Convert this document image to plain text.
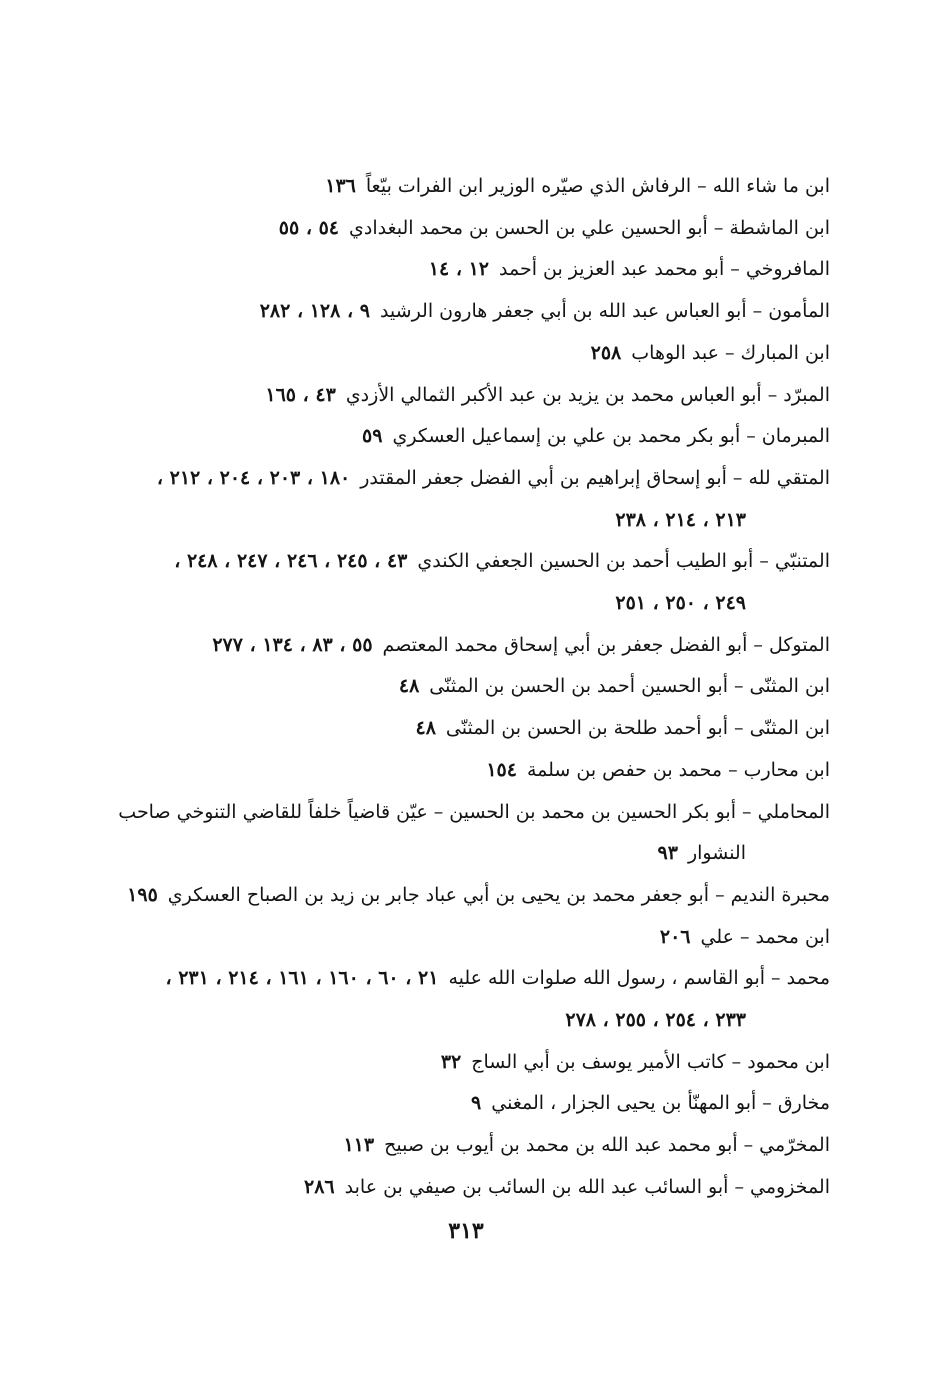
ابن ما شاء الله – الرفاش الذي صيّره الوزير ابن الفرات بيّعاً١٣٦
ابن الماشطة – أبو الحسين علي بن الحسن بن محمد البغدادي٥٤ ، ٥٥
المافروخي – أبو محمد عبد العزيز بن أحمد١٢ ، ١٤
المأمون – أبو العباس عبد الله بن أبي جعفر هارون الرشيد٩ ، ١٢٨ ، ٢٨٢
ابن المبارك – عبد الوهاب٢٥٨
المبرّد – أبو العباس محمد بن يزيد بن عبد الأكبر الثمالي الأزدي٤٣ ، ١٦٥
المبرمان – أبو بكر محمد بن علي بن إسماعيل العسكري٥٩
المتقي لله – أبو إسحاق إبراهيم بن أبي الفضل جعفر المقتدر١٨٠ ، ٢٠٣ ، ٢٠٤ ، ٢١٢ ،
٢١٣ ، ٢١٤ ، ٢٣٨
المتنبّي – أبو الطيب أحمد بن الحسين الجعفي الكندي٤٣ ، ٢٤٥ ، ٢٤٦ ، ٢٤٧ ، ٢٤٨ ،
٢٤٩ ، ٢٥٠ ، ٢٥١
المتوكل – أبو الفضل جعفر بن أبي إسحاق محمد المعتصم٥٥ ، ٨٣ ، ١٣٤ ، ٢٧٧
ابن المثنّى – أبو الحسين أحمد بن الحسن بن المثنّى٤٨
ابن المثنّى – أبو أحمد طلحة بن الحسن بن المثنّى٤٨
ابن محارب – محمد بن حفص بن سلمة١٥٤
المحاملي – أبو بكر الحسين بن محمد بن الحسين – عيّن قاضياً خلفاً للقاضي التنوخي صاحب
النشوار٩٣
محبرة النديم – أبو جعفر محمد بن يحيى بن أبي عباد جابر بن زيد بن الصباح العسكري١٩٥
ابن محمد – علي٢٠٦
محمد – أبو القاسم ، رسول الله صلوات الله عليه٢١ ، ٦٠ ، ١٦٠ ، ١٦١ ، ٢١٤ ، ٢٣١ ،
٢٣٣ ، ٢٥٤ ، ٢٥٥ ، ٢٧٨
ابن محمود – كاتب الأمير يوسف بن أبي الساج٣٢
مخارق – أبو المهنّأ بن يحيى الجزار ، المغني٩
المخرّمي – أبو محمد عبد الله بن محمد بن أيوب بن صبيح١١٣
المخزومي – أبو السائب عبد الله بن السائب بن صيفي بن عابد٢٨٦
٣١٣
